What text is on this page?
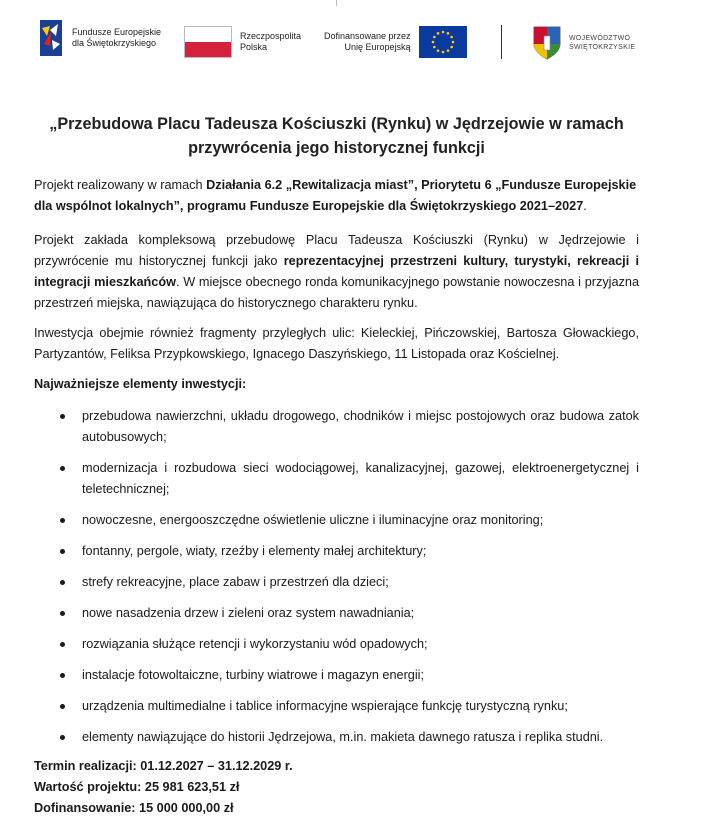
Fundusze Europejskie
dla Świętokrzyskiego
Rzeczpospolita
Polska
Dofinansowane przez
Unię Europejską
WOJEWÓDZTWO
ŚWIĘTOKRZYSKIE
„Przebudowa Placu Tadeusza Kościuszki (Rynku) w Jędrzejowie w ramach przywrócenia jego historycznej funkcji

Projekt realizowany w ramach Działania 6.2 „Rewitalizacja miast”, Priorytetu 6 „Fundusze Europejskie dla wspólnot lokalnych”, programu Fundusze Europejskie dla Świętokrzyskiego 2021–2027.

Projekt zakłada kompleksową przebudowę Placu Tadeusza Kościuszki (Rynku) w Jędrzejowie i przywrócenie mu historycznej funkcji jako reprezentacyjnej przestrzeni kultury, turystyki, rekreacji i integracji mieszkańców. W miejsce obecnego ronda komunikacyjnego powstanie nowoczesna i przyjazna przestrzeń miejska, nawiązująca do historycznego charakteru rynku.

Inwestycja obejmie również fragmenty przyległych ulic: Kieleckiej, Pińczowskiej, Bartosza Głowackiego, Partyzantów, Feliksa Przypkowskiego, Ignacego Daszyńskiego, 11 Listopada oraz Kościelnej.

Najważniejsze elementy inwestycji:

przebudowa nawierzchni, układu drogowego, chodników i miejsc postojowych oraz budowa zatok autobusowych;
modernizacja i rozbudowa sieci wodociągowej, kanalizacyjnej, gazowej, elektroenergetycznej i teletechnicznej;
nowoczesne, energooszczędne oświetlenie uliczne i iluminacyjne oraz monitoring;
fontanny, pergole, wiaty, rzeźby i elementy małej architektury;
strefy rekreacyjne, place zabaw i przestrzeń dla dzieci;
nowe nasadzenia drzew i zieleni oraz system nawadniania;
rozwiązania służące retencji i wykorzystaniu wód opadowych;
instalacje fotowoltaiczne, turbiny wiatrowe i magazyn energii;
urządzenia multimedialne i tablice informacyjne wspierające funkcję turystyczną rynku;
elementy nawiązujące do historii Jędrzejowa, m.in. makieta dawnego ratusza i replika studni.
Termin realizacji: 01.12.2027 – 31.12.2029 r.
Wartość projektu: 25 981 623,51 zł
Dofinansowanie: 15 000 000,00 zł
